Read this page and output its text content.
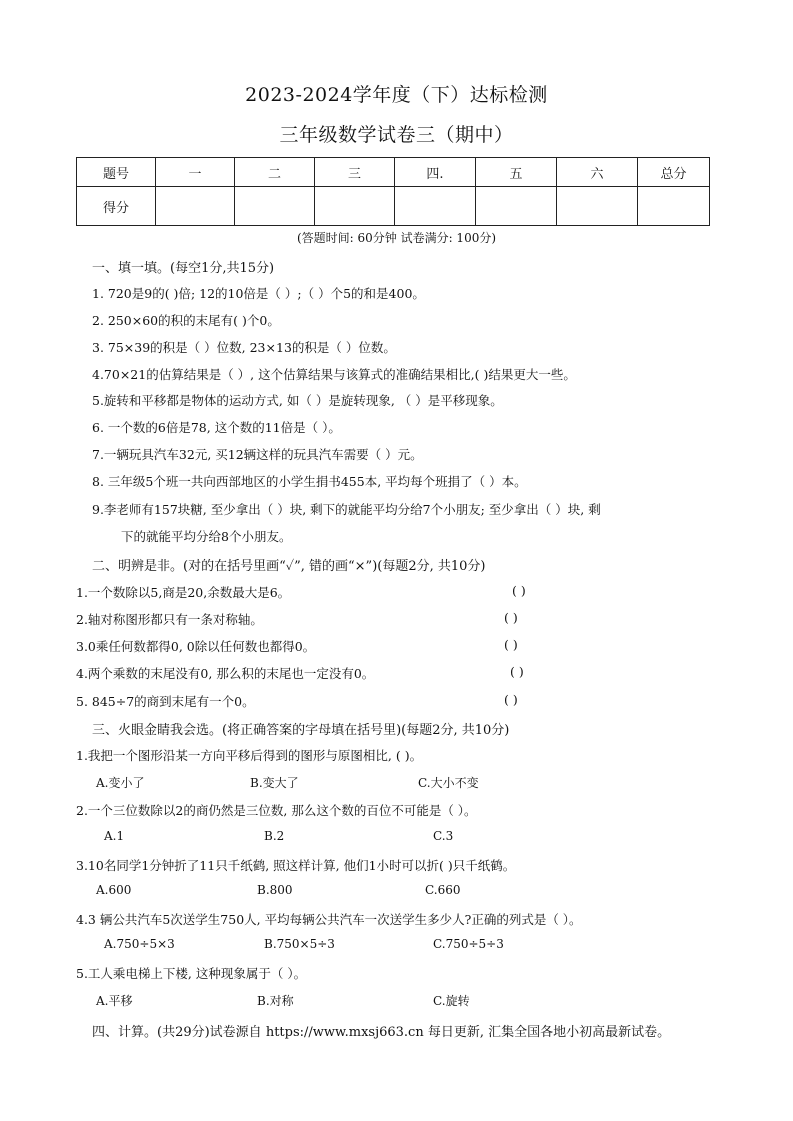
2023-2024学年度（下）达标检测
三年级数学试卷三（期中）
题号	一	二	三	四.	五	六	总分
得分							
(答题时间: 60分钟 试卷满分: 100分)
一、填一填。(每空1分,共15分)
1. 720是9的( )倍; 12的10倍是（ ）;（ ）个5的和是400。
2. 250×60的积的末尾有( )个0。
3. 75×39的积是（ ）位数, 23×13的积是（ ）位数。
4.70×21的估算结果是（ ）, 这个估算结果与该算式的准确结果相比,( )结果更大一些。
5.旋转和平移都是物体的运动方式, 如（ ）是旋转现象, （ ）是平移现象。
6. 一个数的6倍是78, 这个数的11倍是（ ）。
7.一辆玩具汽车32元, 买12辆这样的玩具汽车需要（ ）元。
8. 三年级5个班一共向西部地区的小学生捐书455本, 平均每个班捐了（ ）本。
9.李老师有157块糖, 至少拿出（ ）块, 剩下的就能平均分给7个小朋友; 至少拿出（ ）块, 剩
下的就能平均分给8个小朋友。
二、明辨是非。(对的在括号里画“✓”, 错的画“×”)(每题2分, 共10分)
1.一个数除以5,商是20,余数最大是6。	( )
2.轴对称图形都只有一条对称轴。	( )
3.0乘任何数都得0, 0除以任何数也都得0。	( )
4.两个乘数的末尾没有0, 那么积的末尾也一定没有0。	( )
5. 845÷7的商到末尾有一个0。	( )
三、火眼金睛我会选。(将正确答案的字母填在括号里)(每题2分, 共10分)
1.我把一个图形沿某一方向平移后得到的图形与原图相比, ( )。
A.变小了	B.变大了	C.大小不变
2.一个三位数除以2的商仍然是三位数, 那么这个数的百位不可能是（ ）。
A.1	B.2	C.3
3.10名同学1分钟折了11只千纸鹤, 照这样计算, 他们1小时可以折( )只千纸鹤。
A.600	B.800	C.660
4.3 辆公共汽车5次送学生750人, 平均每辆公共汽车一次送学生多少人?正确的列式是（ ）。
A.750÷5×3	B.750×5÷3	C.750÷5÷3
5.工人乘电梯上下楼, 这种现象属于（ ）。
A.平移	B.对称	C.旋转
四、计算。(共29分)试卷源自 https://www.mxsj663.cn 每日更新, 汇集全国各地小初高最新试卷。
